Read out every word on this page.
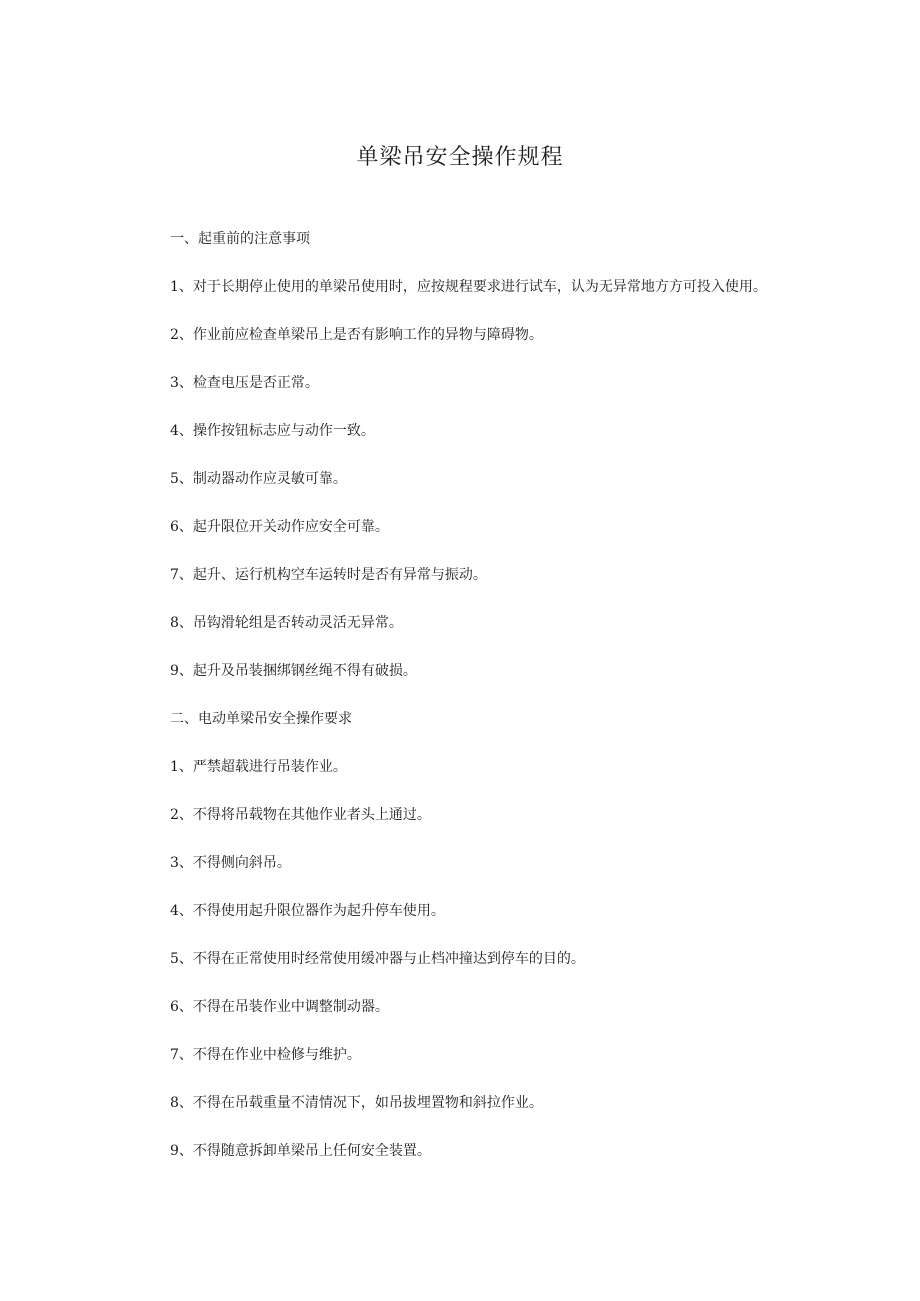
单梁吊安全操作规程

一、起重前的注意事项

1、对于长期停止使用的单梁吊使用时，应按规程要求进行试车，认为无异常地方方可投入使用。

2、作业前应检查单梁吊上是否有影响工作的异物与障碍物。

3、检查电压是否正常。

4、操作按钮标志应与动作一致。

5、制动器动作应灵敏可靠。

6、起升限位开关动作应安全可靠。

7、起升、运行机构空车运转时是否有异常与振动。

8、吊钩滑轮组是否转动灵活无异常。

9、起升及吊装捆绑钢丝绳不得有破损。

二、电动单梁吊安全操作要求

1、严禁超载进行吊装作业。

2、不得将吊载物在其他作业者头上通过。

3、不得侧向斜吊。

4、不得使用起升限位器作为起升停车使用。

5、不得在正常使用时经常使用缓冲器与止档冲撞达到停车的目的。

6、不得在吊装作业中调整制动器。

7、不得在作业中检修与维护。

8、不得在吊载重量不清情况下，如吊拔埋置物和斜拉作业。

9、不得随意拆卸单梁吊上任何安全装置。
